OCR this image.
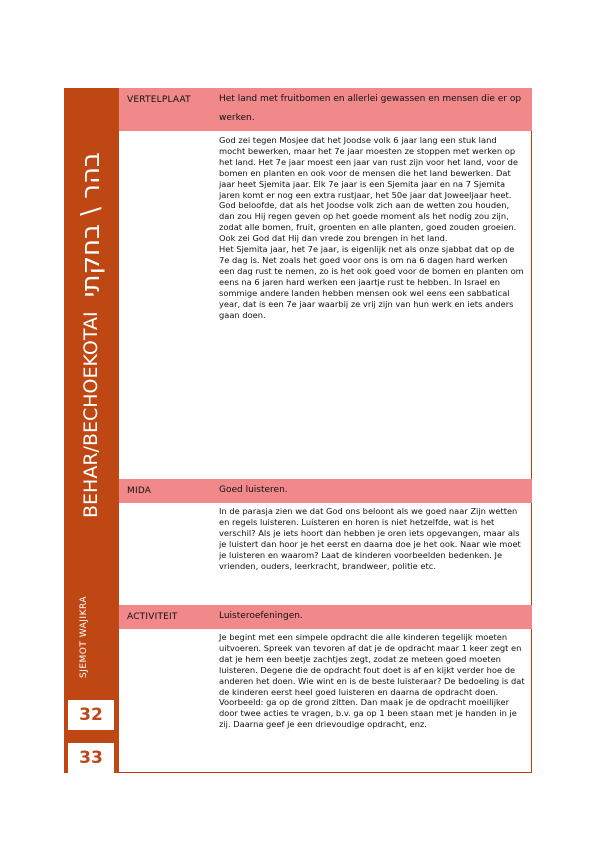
BEHAR/BECHOEKOTAI
בהר \ בחקתי
SJEMOT WAJIKRA
32
33
VERTELPLAAT	Het land met fruitbomen en allerlei gewassen en mensen die er op werken.
God zei tegen Mosjee dat het Joodse volk 6 jaar lang een stuk land mocht bewerken, maar het 7e jaar moesten ze stoppen met werken op het land. Het 7e jaar moest een jaar van rust zijn voor het land, voor de bomen en planten en ook voor de mensen die het land bewerken. Dat jaar heet Sjemita jaar. Elk 7e jaar is een Sjemita jaar en na 7 Sjemita jaren komt er nog een extra rustjaar, het 50e jaar dat Joweeljaar heet.
God beloofde, dat als het Joodse volk zich aan de wetten zou houden, dan zou Hij regen geven op het goede moment als het nodig zou zijn, zodat alle bomen, fruit, groenten en alle planten, goed zouden groeien. Ook zei God dat Hij dan vrede zou brengen in het land.
Het Sjemita jaar, het 7e jaar, is eigenlijk net als onze sjabbat dat op de 7e dag is. Net zoals het goed voor ons is om na 6 dagen hard werken een dag rust te nemen, zo is het ook goed voor de bomen en planten om eens na 6 jaren hard werken een jaartje rust te hebben. In Israel en sommige andere landen hebben mensen ook wel eens een sabbatical year, dat is een 7e jaar waarbij ze vrij zijn van hun werk en iets anders gaan doen.
MIDA	Goed luisteren.
In de parasja zien we dat God ons beloont als we goed naar Zijn wetten en regels luisteren. Luisteren en horen is niet hetzelfde, wat is het verschil? Als je iets hoort dan hebben je oren iets opgevangen, maar als je luistert dan hoor je het eerst en daarna doe je het ook. Naar wie moet je luisteren en waarom? Laat de kinderen voorbeelden bedenken. Je vrienden, ouders, leerkracht, brandweer, politie etc.
ACTIVITEIT	Luisteroefeningen.
Je begint met een simpele opdracht die alle kinderen tegelijk moeten uitvoeren. Spreek van tevoren af dat je de opdracht maar 1 keer zegt en dat je hem een beetje zachtjes zegt, zodat ze meteen goed moeten luisteren. Degene die de opdracht fout doet is af en kijkt verder hoe de anderen het doen. Wie wint en is de beste luisteraar? De bedoeling is dat de kinderen eerst heel goed luisteren en daarna de opdracht doen. Voorbeeld: ga op de grond zitten. Dan maak je de opdracht moeilijker door twee acties te vragen, b.v. ga op 1 been staan met je handen in je zij. Daarna geef je een drievoudige opdracht, enz.
